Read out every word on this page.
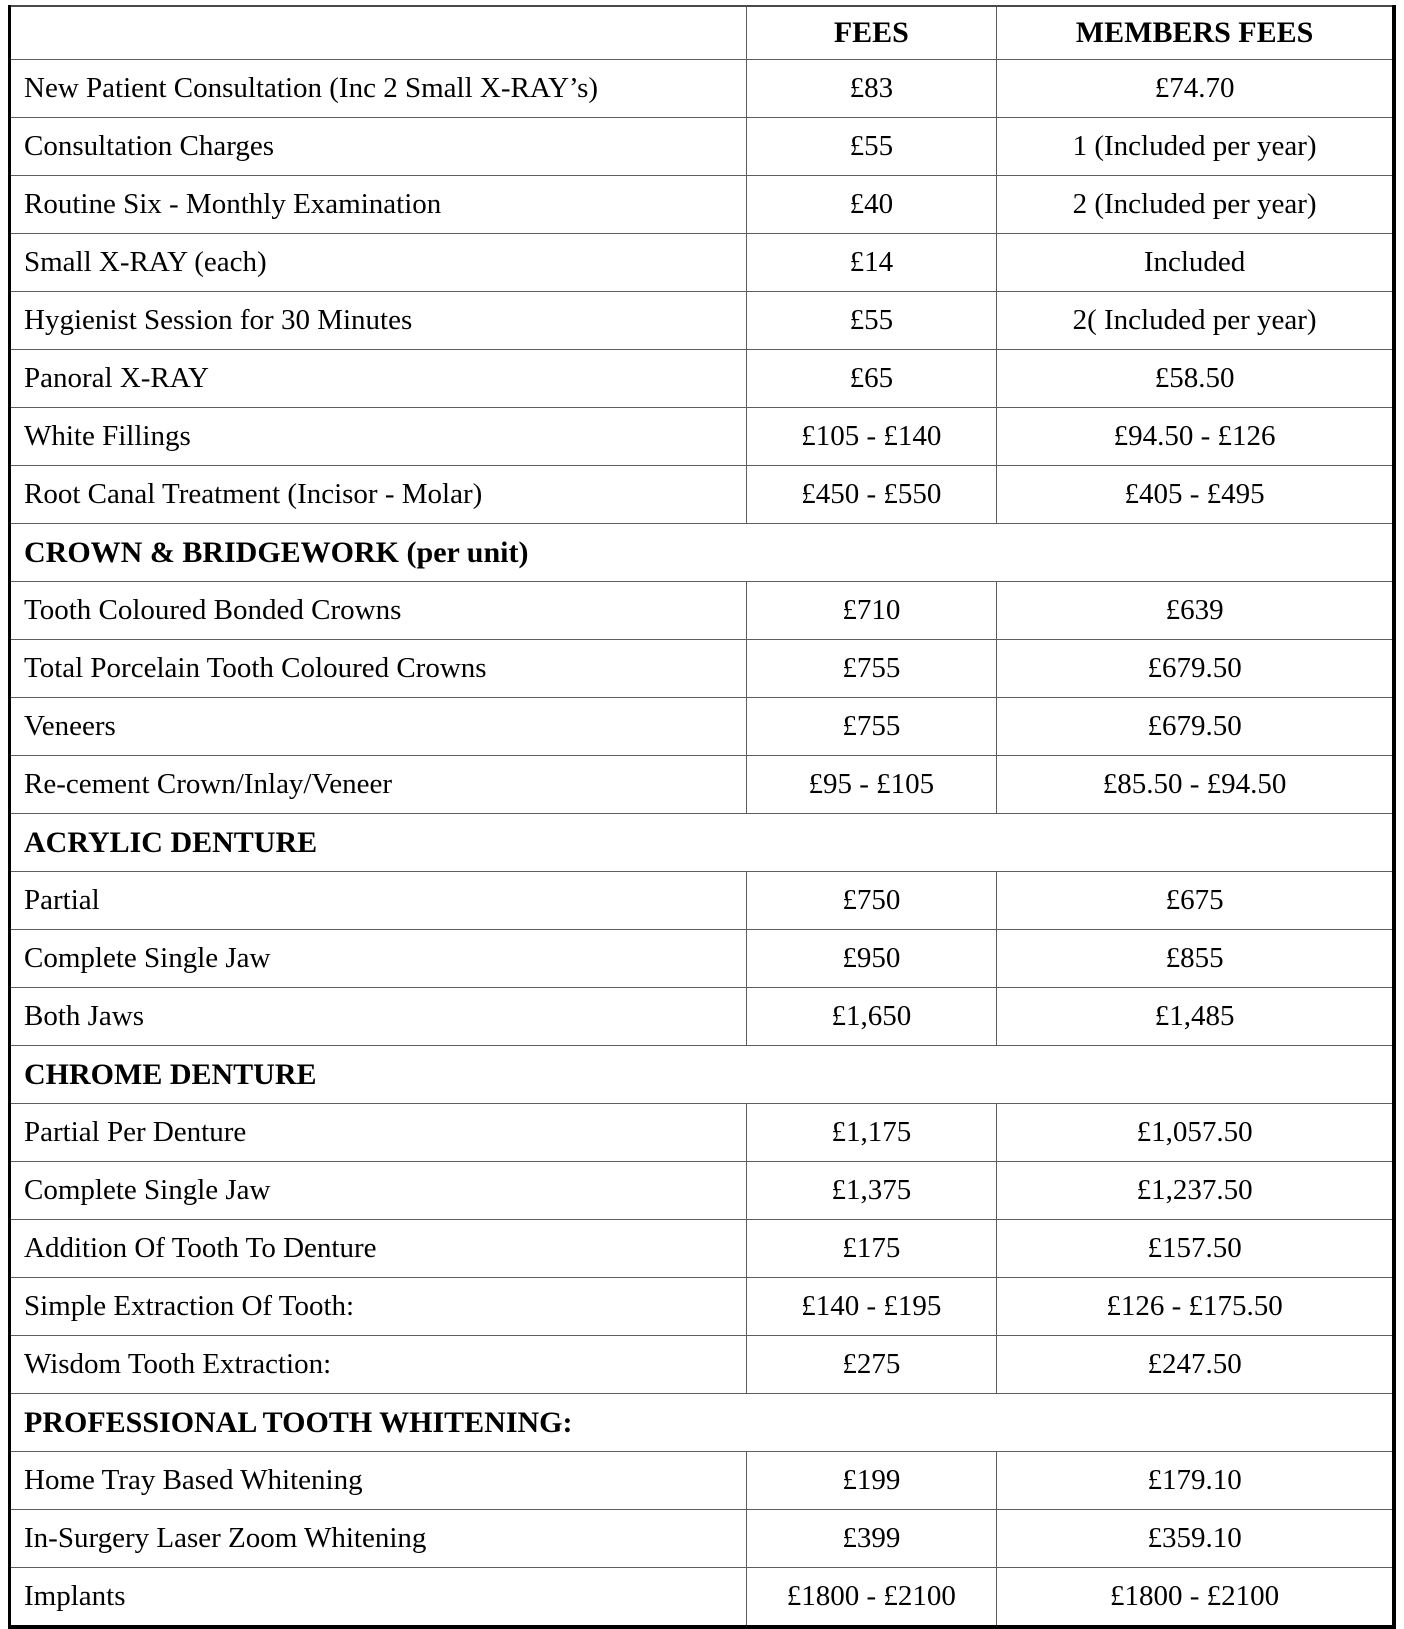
	FEES	MEMBERS FEES
New Patient Consultation (Inc 2 Small X-RAY’s)	£83	£74.70
Consultation Charges	£55	1 (Included per year)
Routine Six - Monthly Examination	£40	2 (Included per year)
Small X-RAY (each)	£14	Included
Hygienist Session for 30 Minutes	£55	2( Included per year)
Panoral X-RAY	£65	£58.50
White Fillings	£105 - £140	£94.50 - £126
Root Canal Treatment (Incisor - Molar)	£450 - £550	£405 - £495
CROWN & BRIDGEWORK (per unit)		
Tooth Coloured Bonded Crowns	£710	£639
Total Porcelain Tooth Coloured Crowns	£755	£679.50
Veneers	£755	£679.50
Re-cement Crown/Inlay/Veneer	£95 - £105	£85.50 - £94.50
ACRYLIC DENTURE		
Partial	£750	£675
Complete Single Jaw	£950	£855
Both Jaws	£1,650	£1,485
CHROME DENTURE		
Partial Per Denture	£1,175	£1,057.50
Complete Single Jaw	£1,375	£1,237.50
Addition Of Tooth To Denture	£175	£157.50
Simple Extraction Of Tooth:	£140 - £195	£126 - £175.50
Wisdom Tooth Extraction:	£275	£247.50
PROFESSIONAL TOOTH WHITENING:		
Home Tray Based Whitening	£199	£179.10
In-Surgery Laser Zoom Whitening	£399	£359.10
Implants	£1800 - £2100	£1800 - £2100
